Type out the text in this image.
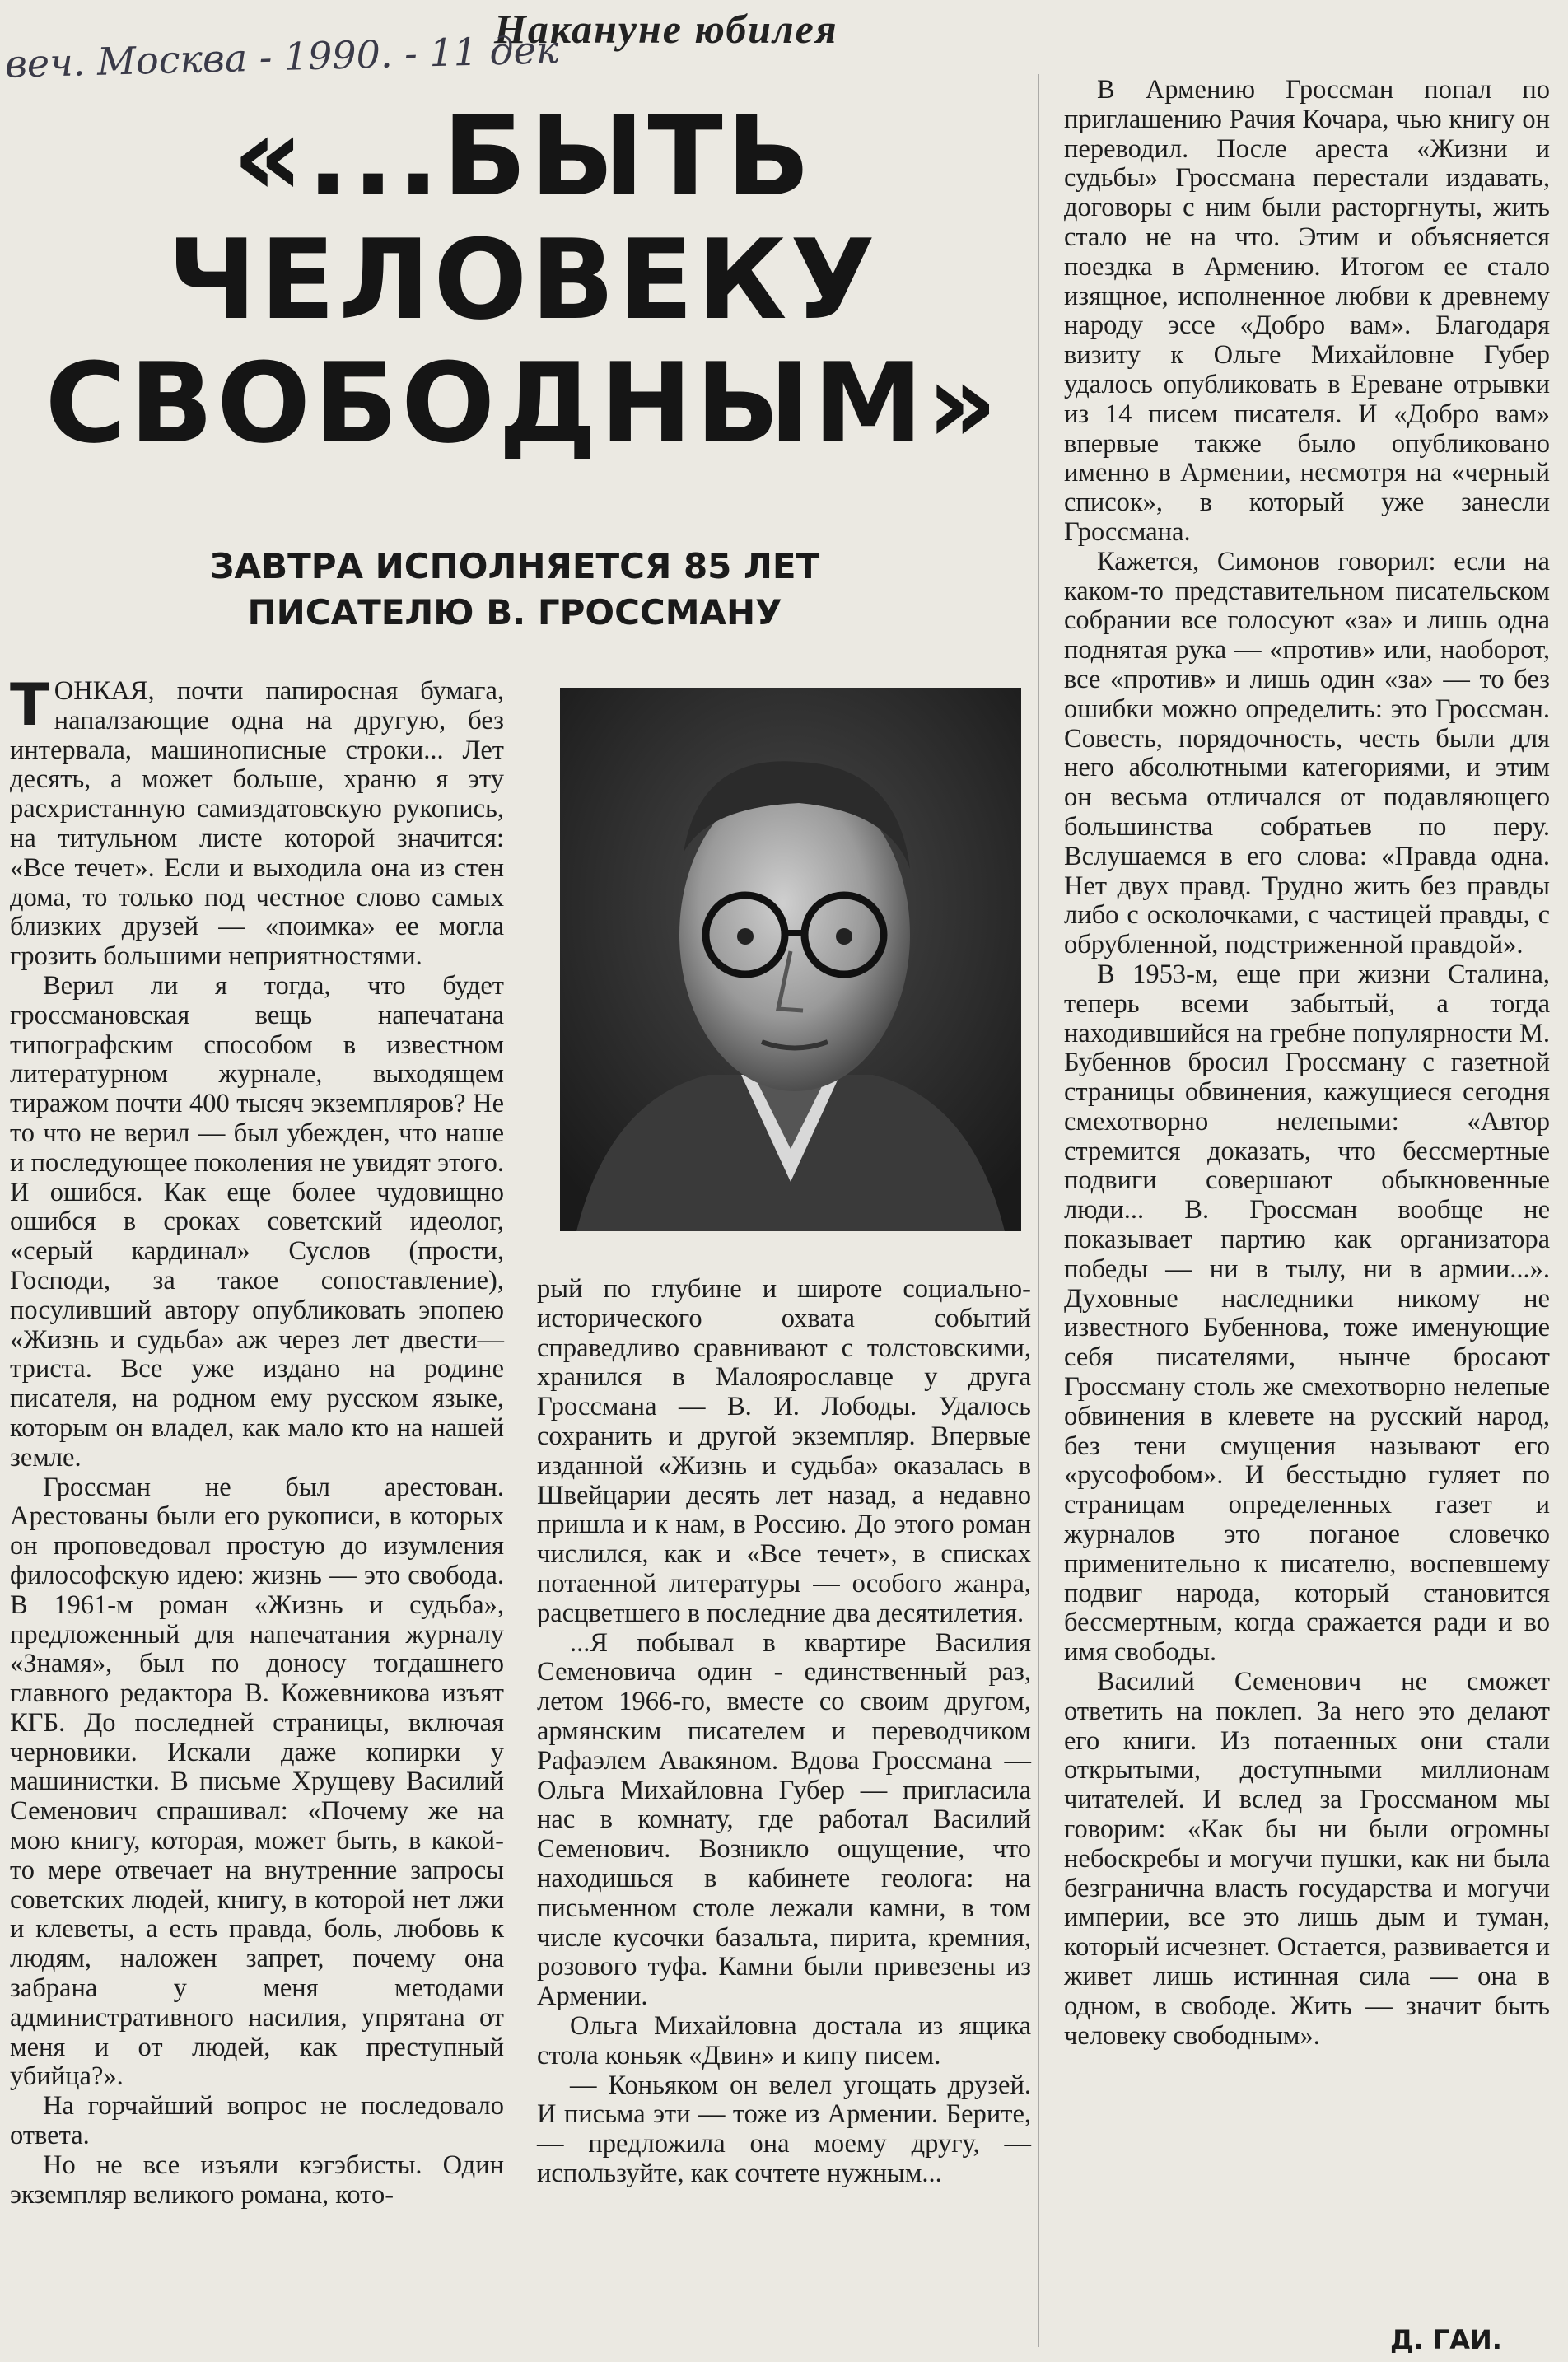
Накануне юбилея
веч. Москва - 1990. - 11 дек
«...БЫТЬ
ЧЕЛОВЕКУ
СВОБОДНЫМ»
ЗАВТРА ИСПОЛНЯЕТСЯ 85 ЛЕТ
ПИСАТЕЛЮ В. ГРОССМАНУ

ТОНКАЯ, почти папиросная бумага, напалзающие одна на другую, без интервала, машинописные строки... Лет десять, а может больше, храню я эту расхристанную самиздатовскую рукопись, на титульном листе которой значится: «Все течет». Если и выходила она из стен дома, то только под честное слово самых близких друзей — «поимка» ее могла грозить большими неприятностями.

Верил ли я тогда, что будет гроссмановская вещь напечатана типографским способом в известном литературном журнале, выходящем тиражом почти 400 тысяч экземпляров? Не то что не верил — был убежден, что наше и последующее поколения не увидят этого. И ошибся. Как еще более чудовищно ошибся в сроках советский идеолог, «серый кардинал» Суслов (прости, Господи, за такое сопоставление), посуливший автору опубликовать эпопею «Жизнь и судьба» аж через лет двести—триста. Все уже издано на родине писателя, на родном ему русском языке, которым он владел, как мало кто на нашей земле.

Гроссман не был арестован. Арестованы были его рукописи, в которых он проповедовал простую до изумления философскую идею: жизнь — это свобода. В 1961-м роман «Жизнь и судьба», предложенный для напечатания журналу «Знамя», был по доносу тогдашнего главного редактора В. Кожевникова изъят КГБ. До последней страницы, включая черновики. Искали даже копирки у машинистки. В письме Хрущеву Василий Семенович спрашивал: «Почему же на мою книгу, которая, может быть, в какой-то мере отвечает на внутренние запросы советских людей, книгу, в которой нет лжи и клеветы, а есть правда, боль, любовь к людям, наложен запрет, почему она забрана у меня методами административного насилия, упрятана от меня и от людей, как преступный убийца?».

На горчайший вопрос не последовало ответа.

Но не все изъяли кэгэбисты. Один экземпляр великого романа, кото-

рый по глубине и широте социально-исторического охвата событий справедливо сравнивают с толстовскими, хранился в Малоярославце у друга Гроссмана — В. И. Лободы. Удалось сохранить и другой экземпляр. Впервые изданной «Жизнь и судьба» оказалась в Швейцарии десять лет назад, а недавно пришла и к нам, в Россию. До этого роман числился, как и «Все течет», в списках потаенной литературы — особого жанра, расцветшего в последние два десятилетия.

...Я побывал в квартире Василия Семеновича один - единственный раз, летом 1966-го, вместе со своим другом, армянским писателем и переводчиком Рафаэлем Авакяном. Вдова Гроссмана — Ольга Михайловна Губер — пригласила нас в комнату, где работал Василий Семенович. Возникло ощущение, что находишься в кабинете геолога: на письменном столе лежали камни, в том числе кусочки базальта, пирита, кремния, розового туфа. Камни были привезены из Армении.

Ольга Михайловна достала из ящика стола коньяк «Двин» и кипу писем.

— Коньяком он велел угощать друзей. И письма эти — тоже из Армении. Берите, — предложила она моему другу, — используйте, как сочтете нужным...

В Армению Гроссман попал по приглашению Рачия Кочара, чью книгу он переводил. После ареста «Жизни и судьбы» Гроссмана перестали издавать, договоры с ним были расторгнуты, жить стало не на что. Этим и объясняется поездка в Армению. Итогом ее стало изящное, исполненное любви к древнему народу эссе «Добро вам». Благодаря визиту к Ольге Михайловне Губер удалось опубликовать в Ереване отрывки из 14 писем писателя. И «Добро вам» впервые также было опубликовано именно в Армении, несмотря на «черный список», в который уже занесли Гроссмана.

Кажется, Симонов говорил: если на каком-то представительном писательском собрании все голосуют «за» и лишь одна поднятая рука — «против» или, наоборот, все «против» и лишь один «за» — то без ошибки можно определить: это Гроссман. Совесть, порядочность, честь были для него абсолютными категориями, и этим он весьма отличался от подавляющего большинства собратьев по перу. Вслушаемся в его слова: «Правда одна. Нет двух правд. Трудно жить без правды либо с осколочками, с частицей правды, с обрубленной, подстриженной правдой».

В 1953-м, еще при жизни Сталина, теперь всеми забытый, а тогда находившийся на гребне популярности М. Бубеннов бросил Гроссману с газетной страницы обвинения, кажущиеся сегодня смехотворно нелепыми: «Автор стремится доказать, что бессмертные подвиги совершают обыкновенные люди... В. Гроссман вообще не показывает партию как организатора победы — ни в тылу, ни в армии...». Духовные наследники никому не известного Бубеннова, тоже именующие себя писателями, нынче бросают Гроссману столь же смехотворно нелепые обвинения в клевете на русский народ, без тени смущения называют его «русофобом». И бесстыдно гуляет по страницам определенных газет и журналов это поганое словечко применительно к писателю, воспевшему подвиг народа, который становится бессмертным, когда сражается ради и во имя свободы.

Василий Семенович не сможет ответить на поклеп. За него это делают его книги. Из потаенных они стали открытыми, доступными миллионам читателей. И вслед за Гроссманом мы говорим: «Как бы ни были огромны небоскребы и могучи пушки, как ни была безгранична власть государства и могучи империи, все это лишь дым и туман, который исчезнет. Остается, развивается и живет лишь истинная сила — она в одном, в свободе. Жить — значит быть человеку свободным».

Д. ГАИ.
